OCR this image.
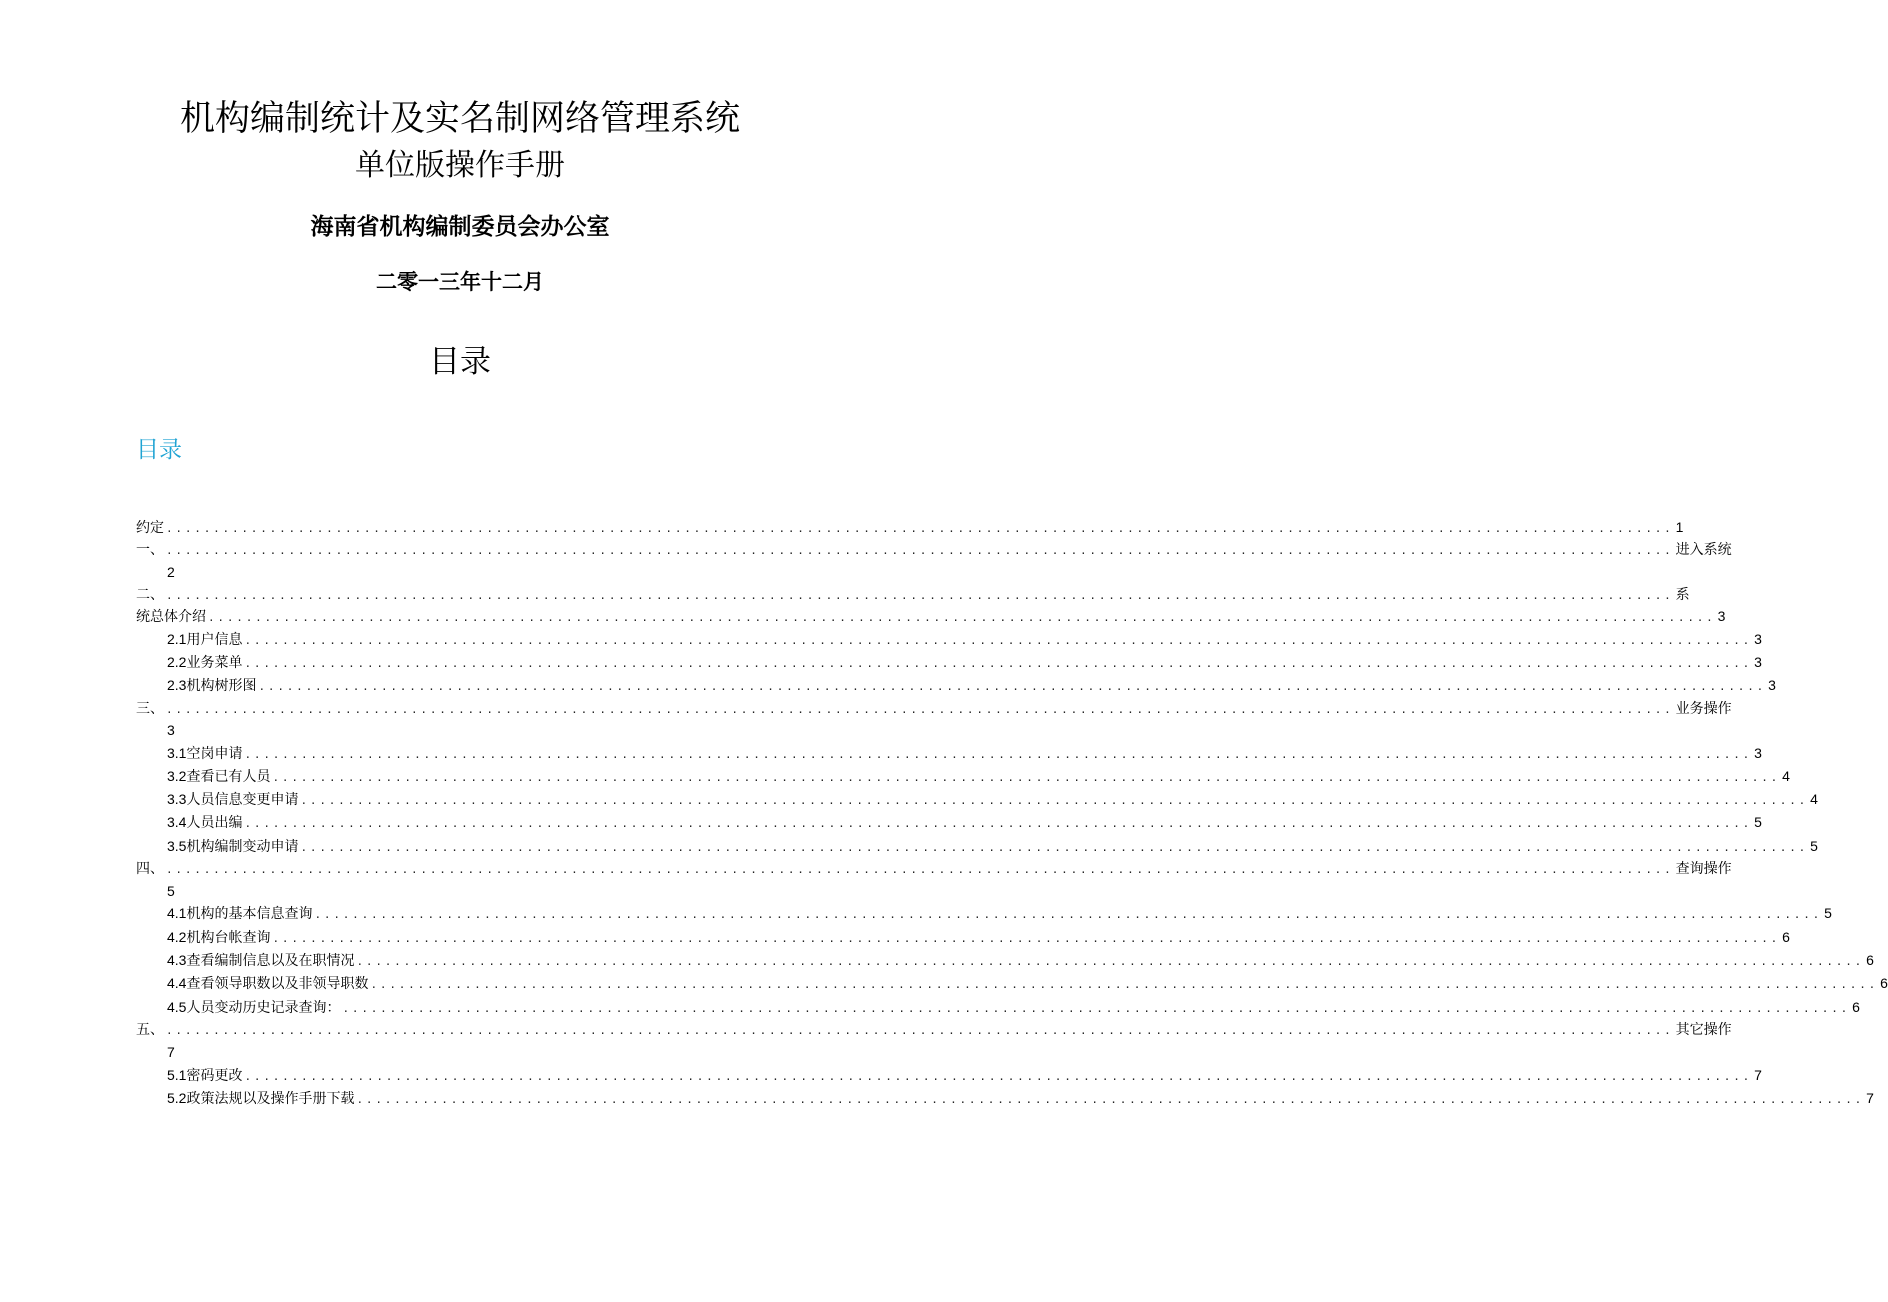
机构编制统计及实名制网络管理系统
单位版操作手册
海南省机构编制委员会办公室
二零一三年十二月
目录
目录
约定 ................................................................................................................................................................ 1
一、 ................................................................................................................................................................ 进入系统
2
二、 ................................................................................................................................................................ 系
统总体介绍 ................................................................................................................................................................ 3
2.1 用户信息 ................................................................................................................................................................ 3
2.2 业务菜单 ................................................................................................................................................................ 3
2.3 机构树形图 ................................................................................................................................................................ 3
三、 ................................................................................................................................................................ 业务操作
3
3.1 空岗申请 ................................................................................................................................................................ 3
3.2 查看已有人员 ................................................................................................................................................................ 4
3.3 人员信息变更申请 ................................................................................................................................................................ 4
3.4 人员出编 ................................................................................................................................................................ 5
3.5 机构编制变动申请 ................................................................................................................................................................ 5
四、 ................................................................................................................................................................ 查询操作
5
4.1 机构的基本信息查询 ................................................................................................................................................................ 5
4.2 机构台帐查询 ................................................................................................................................................................ 6
4.3 查看编制信息以及在职情况 ................................................................................................................................................................ 6
4.4 查看领导职数以及非领导职数 ................................................................................................................................................................ 6
4.5 人员变动历史记录查询： ................................................................................................................................................................ 6
五、 ................................................................................................................................................................ 其它操作
7
5.1 密码更改 ................................................................................................................................................................ 7
5.2 政策法规以及操作手册下载 ................................................................................................................................................................ 7
